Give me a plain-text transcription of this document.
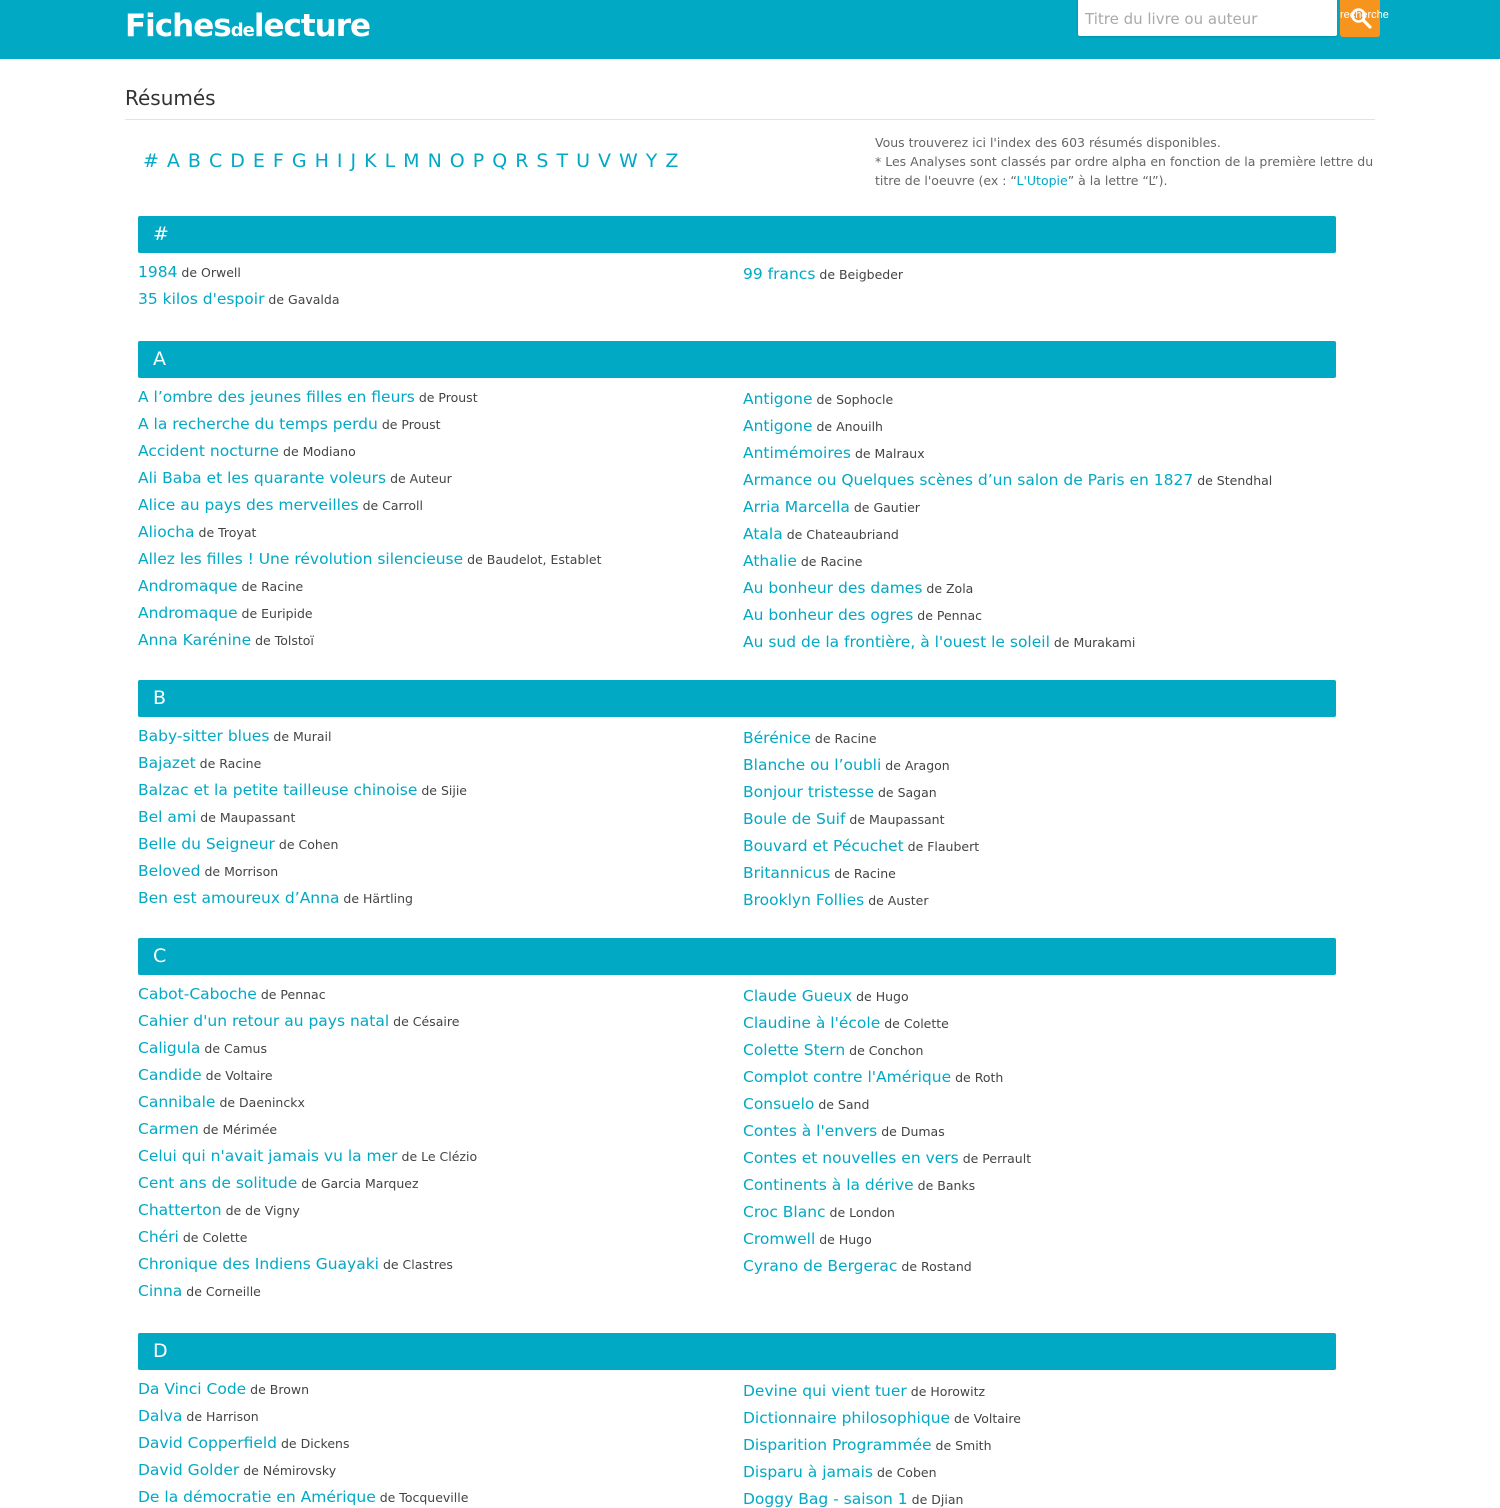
Fichesdelecture
Titre du livre ou auteur	recherche
Résumés
# A B C D E F G H I J K L M N O P Q R S T U V W Y Z
Vous trouverez ici l'index des 603 résumés disponibles.
* Les Analyses sont classés par ordre alpha en fonction de la première lettre du titre de l'oeuvre (ex : “L'Utopie” à la lettre “L”).
#
1984 de Orwell
35 kilos d'espoir de Gavalda
99 francs de Beigbeder
A
A l’ombre des jeunes filles en fleurs de Proust
A la recherche du temps perdu de Proust
Accident nocturne de Modiano
Ali Baba et les quarante voleurs de Auteur
Alice au pays des merveilles de Carroll
Aliocha de Troyat
Allez les filles ! Une révolution silencieuse de Baudelot, Establet
Andromaque de Racine
Andromaque de Euripide
Anna Karénine de Tolstoï
Antigone de Sophocle
Antigone de Anouilh
Antimémoires de Malraux
Armance ou Quelques scènes d’un salon de Paris en 1827 de Stendhal
Arria Marcella de Gautier
Atala de Chateaubriand
Athalie de Racine
Au bonheur des dames de Zola
Au bonheur des ogres de Pennac
Au sud de la frontière, à l'ouest le soleil de Murakami
B
Baby-sitter blues de Murail
Bajazet de Racine
Balzac et la petite tailleuse chinoise de Sijie
Bel ami de Maupassant
Belle du Seigneur de Cohen
Beloved de Morrison
Ben est amoureux d’Anna de Härtling
Bérénice de Racine
Blanche ou l’oubli de Aragon
Bonjour tristesse de Sagan
Boule de Suif de Maupassant
Bouvard et Pécuchet de Flaubert
Britannicus de Racine
Brooklyn Follies de Auster
C
Cabot-Caboche de Pennac
Cahier d'un retour au pays natal de Césaire
Caligula de Camus
Candide de Voltaire
Cannibale de Daeninckx
Carmen de Mérimée
Celui qui n'avait jamais vu la mer de Le Clézio
Cent ans de solitude de Garcia Marquez
Chatterton de de Vigny
Chéri de Colette
Chronique des Indiens Guayaki de Clastres
Cinna de Corneille
Claude Gueux de Hugo
Claudine à l'école de Colette
Colette Stern de Conchon
Complot contre l'Amérique de Roth
Consuelo de Sand
Contes à l'envers de Dumas
Contes et nouvelles en vers de Perrault
Continents à la dérive de Banks
Croc Blanc de London
Cromwell de Hugo
Cyrano de Bergerac de Rostand
D
Da Vinci Code de Brown
Dalva de Harrison
David Copperfield de Dickens
David Golder de Némirovsky
De la démocratie en Amérique de Tocqueville
Devine qui vient tuer de Horowitz
Dictionnaire philosophique de Voltaire
Disparition Programmée de Smith
Disparu à jamais de Coben
Doggy Bag - saison 1 de Djian
